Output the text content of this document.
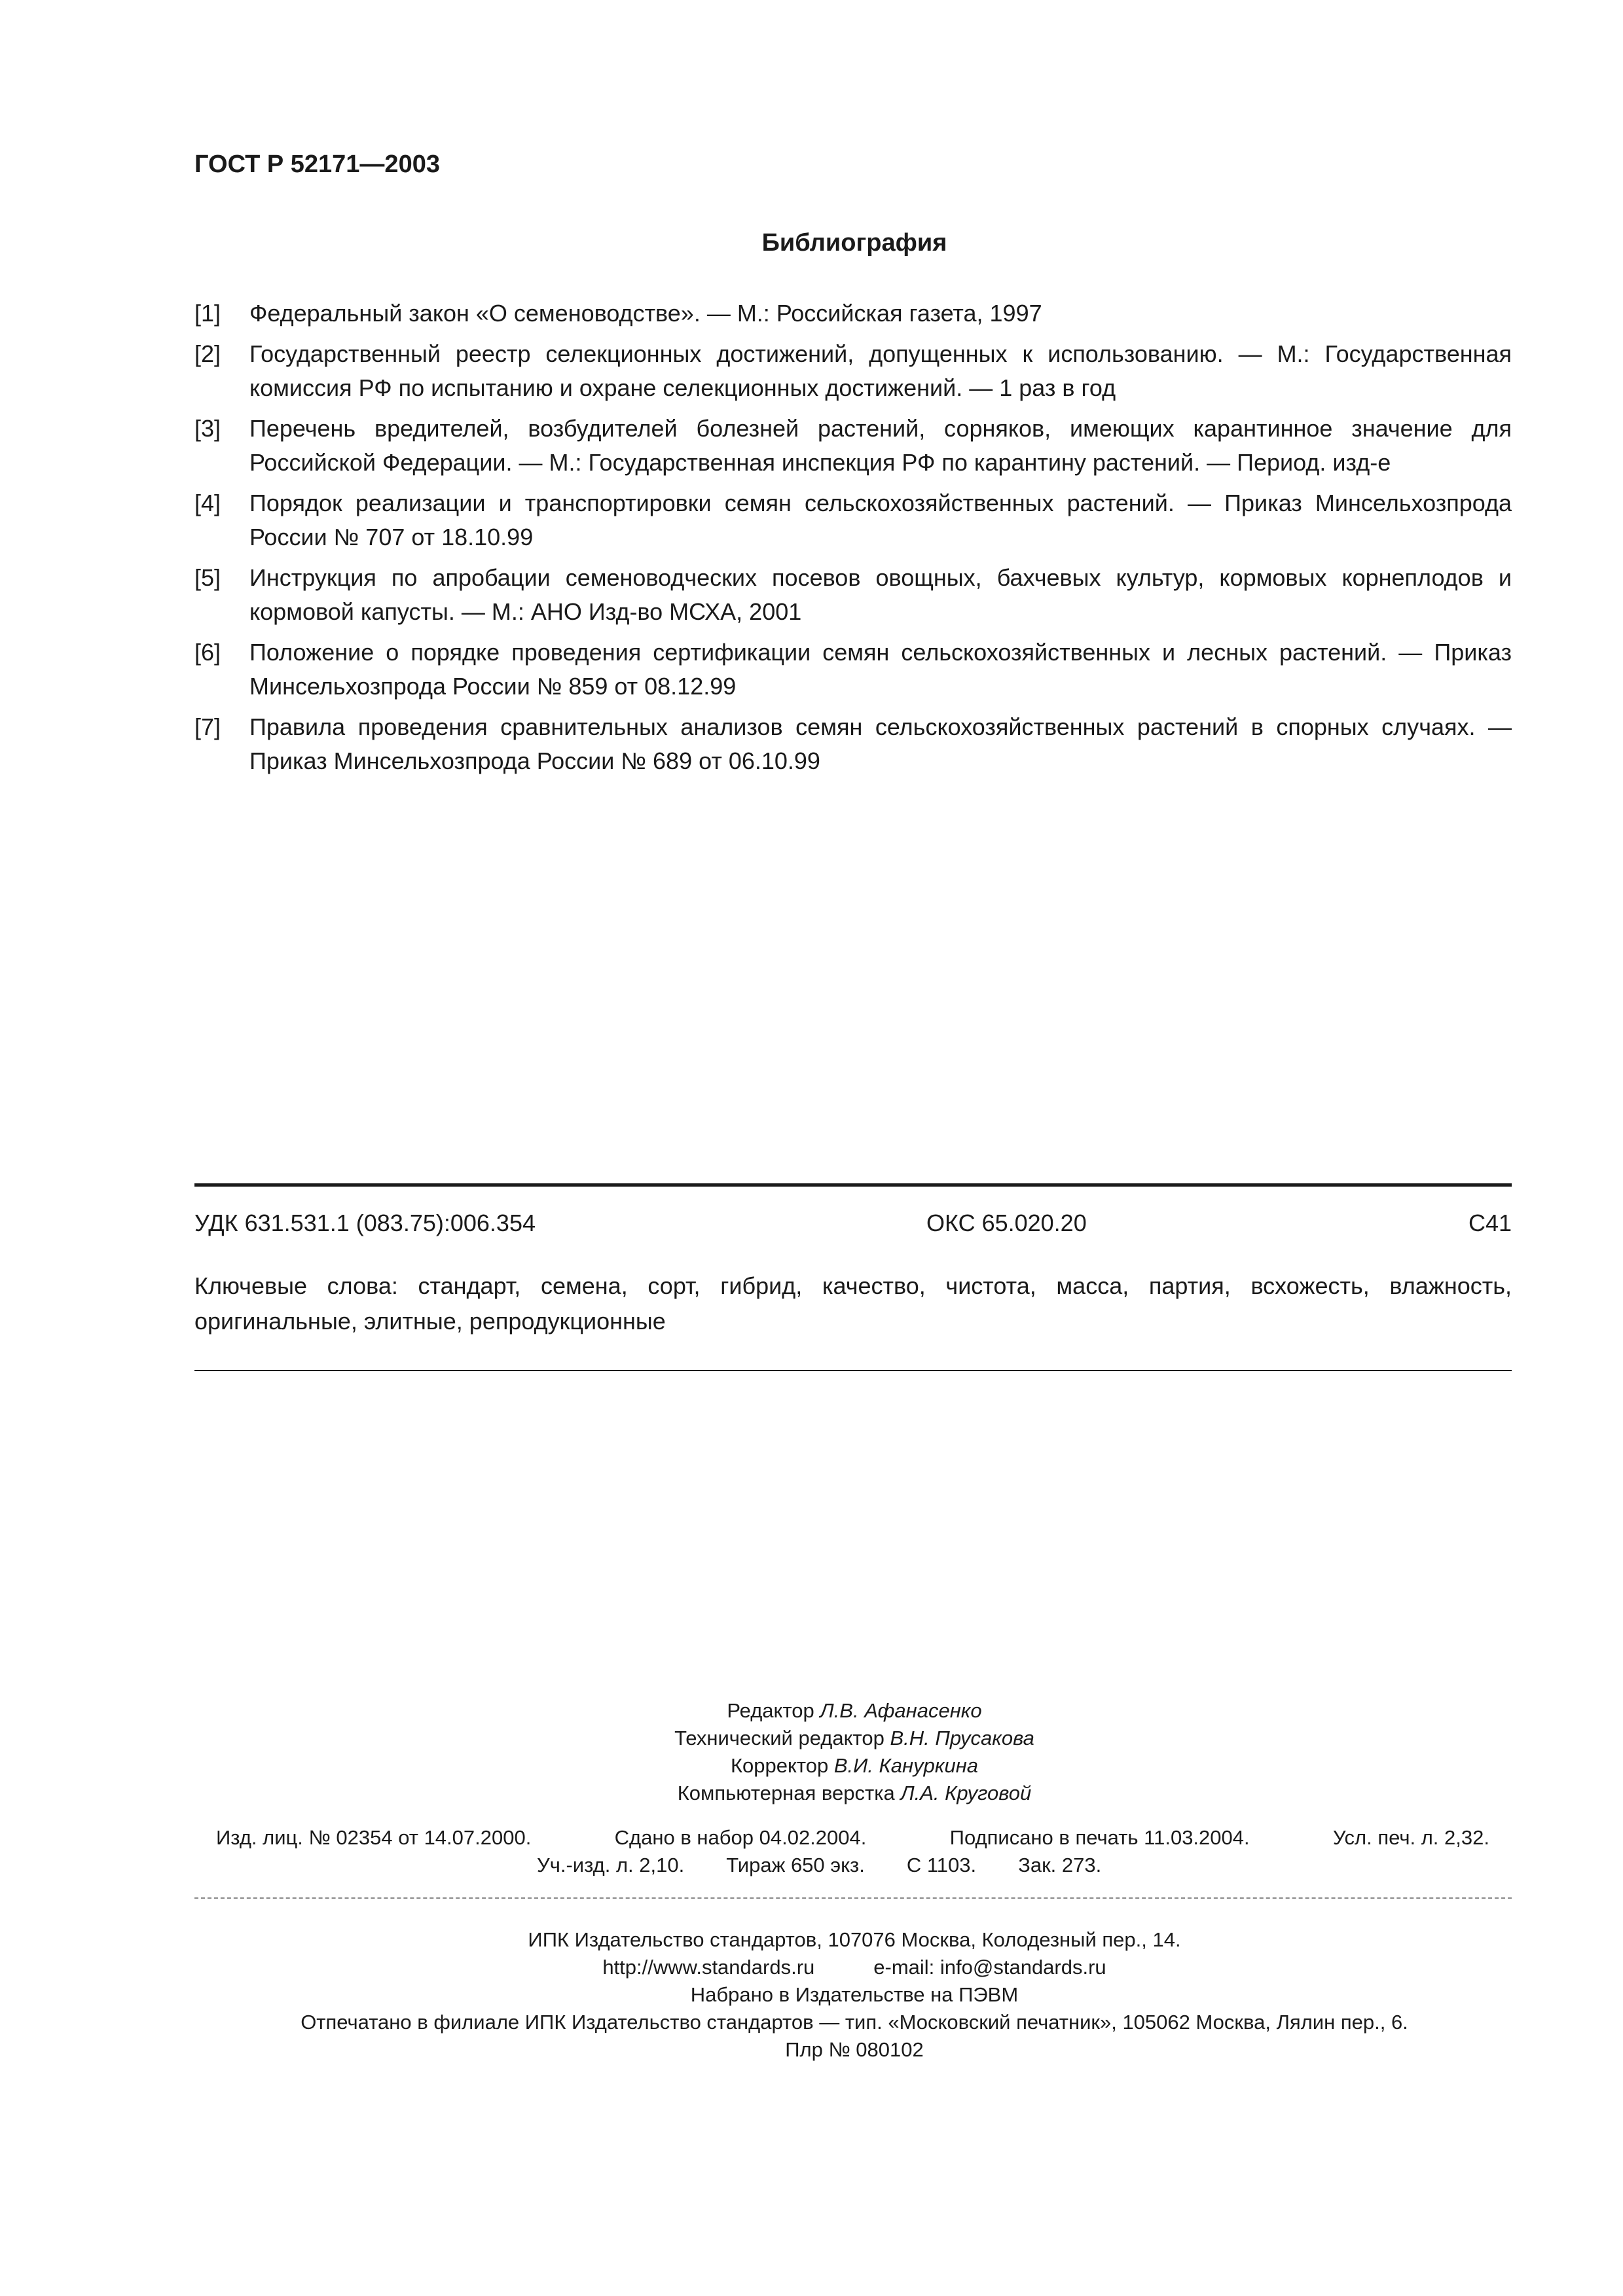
ГОСТ Р 52171—2003
Библиография
[1] Федеральный закон «О семеноводстве». — М.: Российская газета, 1997
[2] Государственный реестр селекционных достижений, допущенных к использованию. — М.: Государственная комиссия РФ по испытанию и охране селекционных достижений. — 1 раз в год
[3] Перечень вредителей, возбудителей болезней растений, сорняков, имеющих карантинное значение для Российской Федерации. — М.: Государственная инспекция РФ по карантину растений. — Период. изд-е
[4] Порядок реализации и транспортировки семян сельскохозяйственных растений. — Приказ Минсельхозпрода России № 707 от 18.10.99
[5] Инструкция по апробации семеноводческих посевов овощных, бахчевых культур, кормовых корнеплодов и кормовой капусты. — М.: АНО Изд-во МСХА, 2001
[6] Положение о порядке проведения сертификации семян сельскохозяйственных и лесных растений. — Приказ Минсельхозпрода России № 859 от 08.12.99
[7] Правила проведения сравнительных анализов семян сельскохозяйственных растений в спорных случаях. — Приказ Минсельхозпрода России № 689 от 06.10.99
УДК 631.531.1 (083.75):006.354	ОКС 65.020.20	С41
Ключевые слова: стандарт, семена, сорт, гибрид, качество, чистота, масса, партия, всхожесть, влажность, оригинальные, элитные, репродукционные
Редактор Л.В. Афанасенко
Технический редактор В.Н. Прусакова
Корректор В.И. Кануркина
Компьютерная верстка Л.А. Круговой
Изд. лиц. № 02354 от 14.07.2000.	Сдано в набор 04.02.2004.	Подписано в печать 11.03.2004.	Усл. печ. л. 2,32.
Уч.-изд. л. 2,10. Тираж 650 экз. С 1103. Зак. 273.
ИПК Издательство стандартов, 107076 Москва, Колодезный пер., 14.
http://www.standards.ru	e-mail: info@standards.ru
Набрано в Издательстве на ПЭВМ
Отпечатано в филиале ИПК Издательство стандартов — тип. «Московский печатник», 105062 Москва, Лялин пер., 6.
Плр № 080102
